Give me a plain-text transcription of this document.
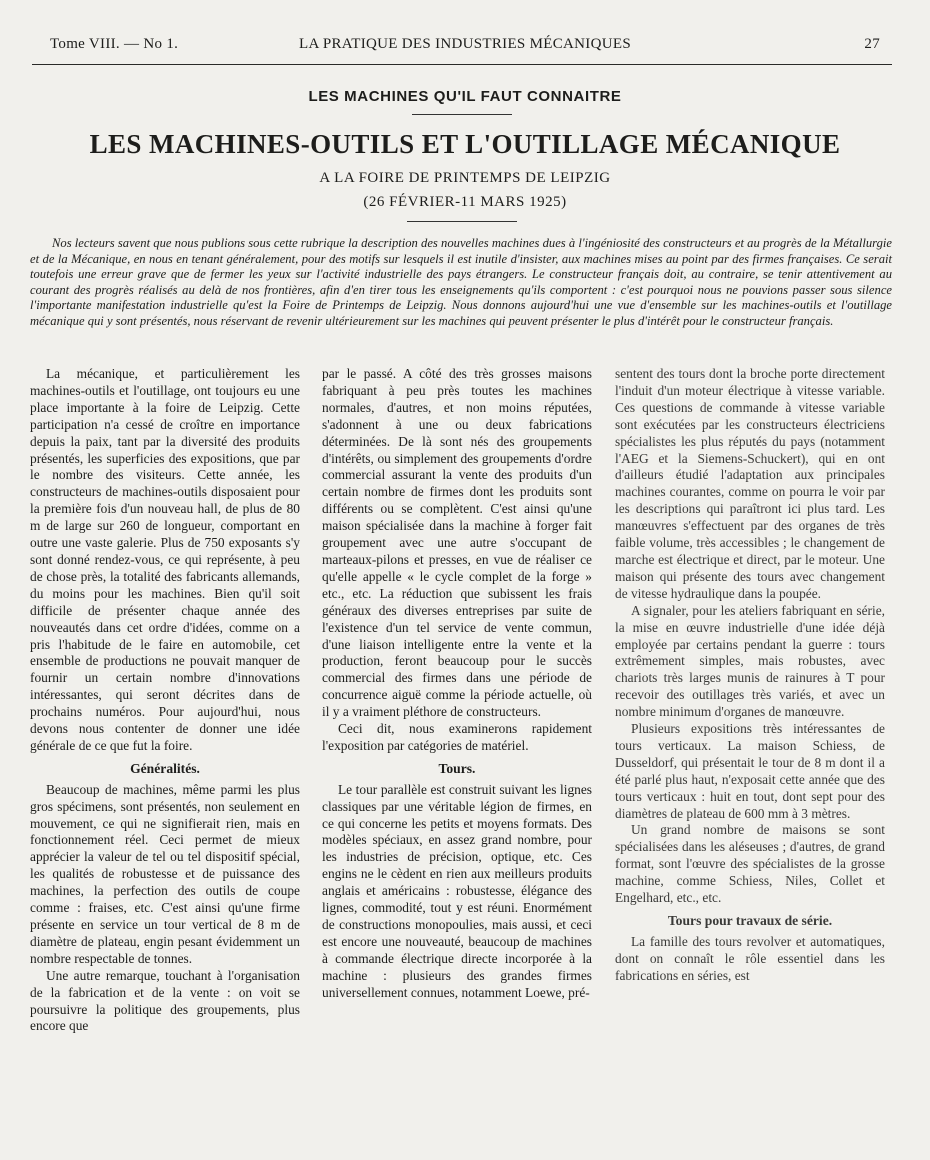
Tome VIII. — No 1.	LA PRATIQUE DES INDUSTRIES MÉCANIQUES	27
LES MACHINES QU'IL FAUT CONNAITRE
LES MACHINES-OUTILS ET L'OUTILLAGE MÉCANIQUE
A LA FOIRE DE PRINTEMPS DE LEIPZIG
(26 FÉVRIER-11 MARS 1925)

Nos lecteurs savent que nous publions sous cette rubrique la description des nouvelles machines dues à l'ingéniosité des constructeurs et au progrès de la Métallurgie et de la Mécanique, en nous en tenant généralement, pour des motifs sur lesquels il est inutile d'insister, aux machines mises au point par des firmes françaises. Ce serait toutefois une erreur grave que de fermer les yeux sur l'activité industrielle des pays étrangers. Le constructeur français doit, au contraire, se tenir attentivement au courant des progrès réalisés au delà de nos frontières, afin d'en tirer tous les enseignements qu'ils comportent : c'est pourquoi nous ne pouvions passer sous silence l'importante manifestation industrielle qu'est la Foire de Printemps de Leipzig. Nous donnons aujourd'hui une vue d'ensemble sur les machines-outils et l'outillage mécanique qui y sont présentés, nous réservant de revenir ultérieurement sur les machines qui peuvent présenter le plus d'intérêt pour le constructeur français.

La mécanique, et particulièrement les machines-outils et l'outillage, ont toujours eu une place importante à la foire de Leipzig. Cette participation n'a cessé de croître en importance depuis la paix, tant par la diversité des produits présentés, les superficies des expositions, que par le nombre des visiteurs. Cette année, les constructeurs de machines-outils disposaient pour la première fois d'un nouveau hall, de plus de 80 m de large sur 260 de longueur, comportant en outre une vaste galerie. Plus de 750 exposants s'y sont donné rendez-vous, ce qui représente, à peu de chose près, la totalité des fabricants allemands, du moins pour les machines. Bien qu'il soit difficile de présenter chaque année des nouveautés dans cet ordre d'idées, comme on a pris l'habitude de le faire en automobile, cet ensemble de productions ne pouvait manquer de fournir un certain nombre d'innovations intéressantes, qui seront décrites dans de prochains numéros. Pour aujourd'hui, nous devons nous contenter de donner une idée générale de ce que fut la foire.

Généralités.

Beaucoup de machines, même parmi les plus gros spécimens, sont présentés, non seulement en mouvement, ce qui ne signifierait rien, mais en fonctionnement réel. Ceci permet de mieux apprécier la valeur de tel ou tel dispositif spécial, les qualités de robustesse et de puissance des machines, la perfection des outils de coupe comme : fraises, etc. C'est ainsi qu'une firme présente en service un tour vertical de 8 m de diamètre de plateau, engin pesant évidemment un nombre respectable de tonnes.

Une autre remarque, touchant à l'organisation de la fabrication et de la vente : on voit se poursuivre la politique des groupements, plus encore que

par le passé. A côté des très grosses maisons fabriquant à peu près toutes les machines normales, d'autres, et non moins réputées, s'adonnent à une ou deux fabrications déterminées. De là sont nés des groupements d'intérêts, ou simplement des groupements d'ordre commercial assurant la vente des produits d'un certain nombre de firmes dont les produits sont différents ou se complètent. C'est ainsi qu'une maison spécialisée dans la machine à forger fait groupement avec une autre s'occupant de marteaux-pilons et presses, en vue de réaliser ce qu'elle appelle « le cycle complet de la forge » etc., etc. La réduction que subissent les frais généraux des diverses entreprises par suite de l'existence d'un tel service de vente commun, d'une liaison intelligente entre la vente et la production, feront beaucoup pour le succès commercial des firmes dans une période de concurrence aiguë comme la période actuelle, où il y a vraiment pléthore de constructeurs.

Ceci dit, nous examinerons rapidement l'exposition par catégories de matériel.

Tours.

Le tour parallèle est construit suivant les lignes classiques par une véritable légion de firmes, en ce qui concerne les petits et moyens formats. Des modèles spéciaux, en assez grand nombre, pour les industries de précision, optique, etc. Ces engins ne le cèdent en rien aux meilleurs produits anglais et américains : robustesse, élégance des lignes, commodité, tout y est réuni. Enormément de constructions monopoulies, mais aussi, et ceci est encore une nouveauté, beaucoup de machines à commande électrique directe incorporée à la machine : plusieurs des grandes firmes universellement connues, notamment Loewe, pré-

sentent des tours dont la broche porte directement l'induit d'un moteur électrique à vitesse variable. Ces questions de commande à vitesse variable sont exécutées par les constructeurs électriciens spécialistes les plus réputés du pays (notamment l'AEG et la Siemens-Schuckert), qui en ont d'ailleurs étudié l'adaptation aux principales machines courantes, comme on pourra le voir par les descriptions qui paraîtront ici plus tard. Les manœuvres s'effectuent par des organes de très faible volume, très accessibles ; le changement de marche est électrique et direct, par le moteur. Une maison qui présente des tours avec changement de vitesse hydraulique dans la poupée.

A signaler, pour les ateliers fabriquant en série, la mise en œuvre industrielle d'une idée déjà employée par certains pendant la guerre : tours extrêmement simples, mais robustes, avec chariots très larges munis de rainures à T pour recevoir des outillages très variés, et avec un nombre minimum d'organes de manœuvre.

Plusieurs expositions très intéressantes de tours verticaux. La maison Schiess, de Dusseldorf, qui présentait le tour de 8 m dont il a été parlé plus haut, n'exposait cette année que des tours verticaux : huit en tout, dont sept pour des diamètres de plateau de 600 mm à 3 mètres.

Un grand nombre de maisons se sont spécialisées dans les aléseuses ; d'autres, de grand format, sont l'œuvre des spécialistes de la grosse machine, comme Schiess, Niles, Collet et Engelhard, etc., etc.

Tours pour travaux de série.

La famille des tours revolver et automatiques, dont on connaît le rôle essentiel dans les fabrications en séries, est
